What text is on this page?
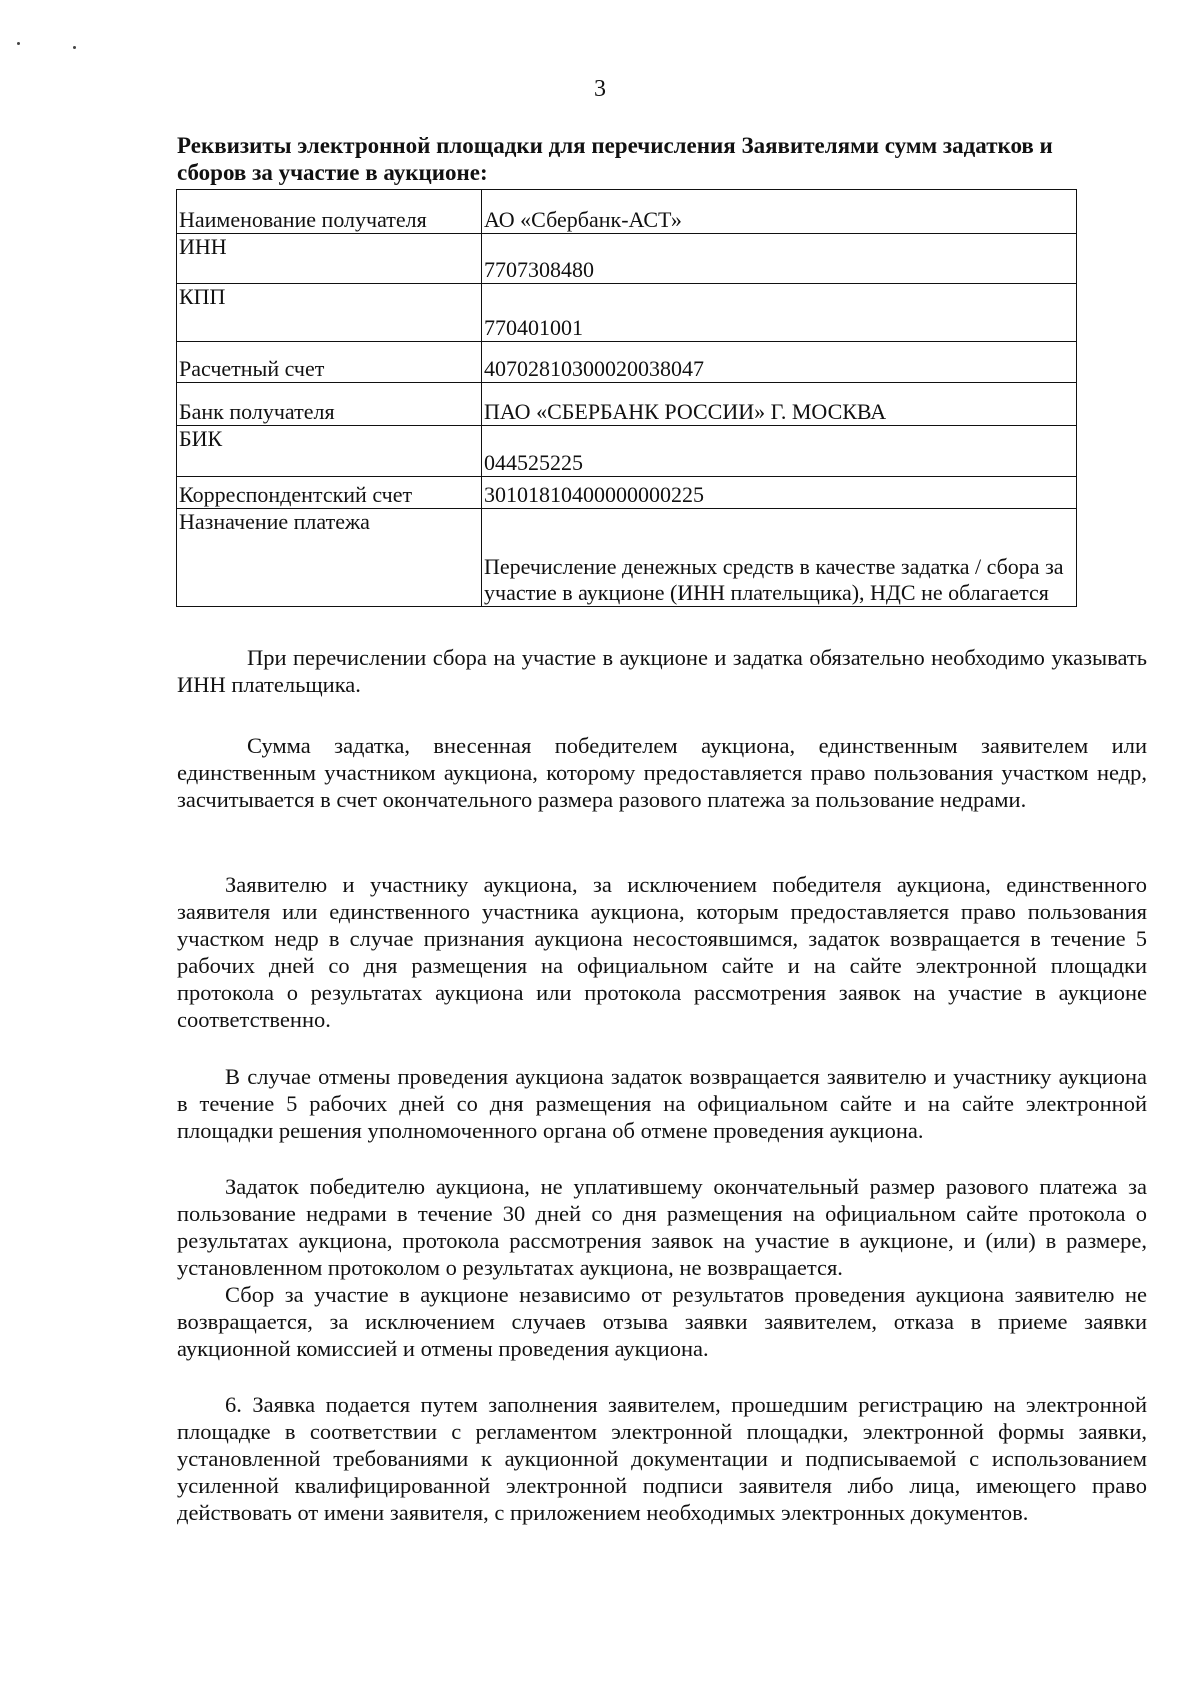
3
Реквизиты электронной площадки для перечисления Заявителями сумм задатков и сборов за участие в аукционе:
Наименование получателя	АО «Сбербанк-АСТ»
ИНН	7707308480
КПП	770401001
Расчетный счет	40702810300020038047
Банк получателя	ПАО «СБЕРБАНК РОССИИ» Г. МОСКВА
БИК	044525225
Корреспондентский счет	30101810400000000225
Назначение платежа	Перечисление денежных средств в качестве задатка / сбора за участие в аукционе (ИНН плательщика), НДС не облагается

При перечислении сбора на участие в аукционе и задатка обязательно необходимо указывать ИНН плательщика.

Сумма задатка, внесенная победителем аукциона, единственным заявителем или единственным участником аукциона, которому предоставляется право пользования участком недр, засчитывается в счет окончательного размера разового платежа за пользование недрами.

Заявителю и участнику аукциона, за исключением победителя аукциона, единственного заявителя или единственного участника аукциона, которым предоставляется право пользования участком недр в случае признания аукциона несостоявшимся, задаток возвращается в течение 5 рабочих дней со дня размещения на официальном сайте и на сайте электронной площадки протокола о результатах аукциона или протокола рассмотрения заявок на участие в аукционе соответственно.

В случае отмены проведения аукциона задаток возвращается заявителю и участнику аукциона в течение 5 рабочих дней со дня размещения на официальном сайте и на сайте электронной площадки решения уполномоченного органа об отмене проведения аукциона.

Задаток победителю аукциона, не уплатившему окончательный размер разового платежа за пользование недрами в течение 30 дней со дня размещения на официальном сайте протокола о результатах аукциона, протокола рассмотрения заявок на участие в аукционе, и (или) в размере, установленном протоколом о результатах аукциона, не возвращается.

Сбор за участие в аукционе независимо от результатов проведения аукциона заявителю не возвращается, за исключением случаев отзыва заявки заявителем, отказа в приеме заявки аукционной комиссией и отмены проведения аукциона.

6. Заявка подается путем заполнения заявителем, прошедшим регистрацию на электронной площадке в соответствии с регламентом электронной площадки, электронной формы заявки, установленной требованиями к аукционной документации и подписываемой с использованием усиленной квалифицированной электронной подписи заявителя либо лица, имеющего право действовать от имени заявителя, с приложением необходимых электронных документов.
